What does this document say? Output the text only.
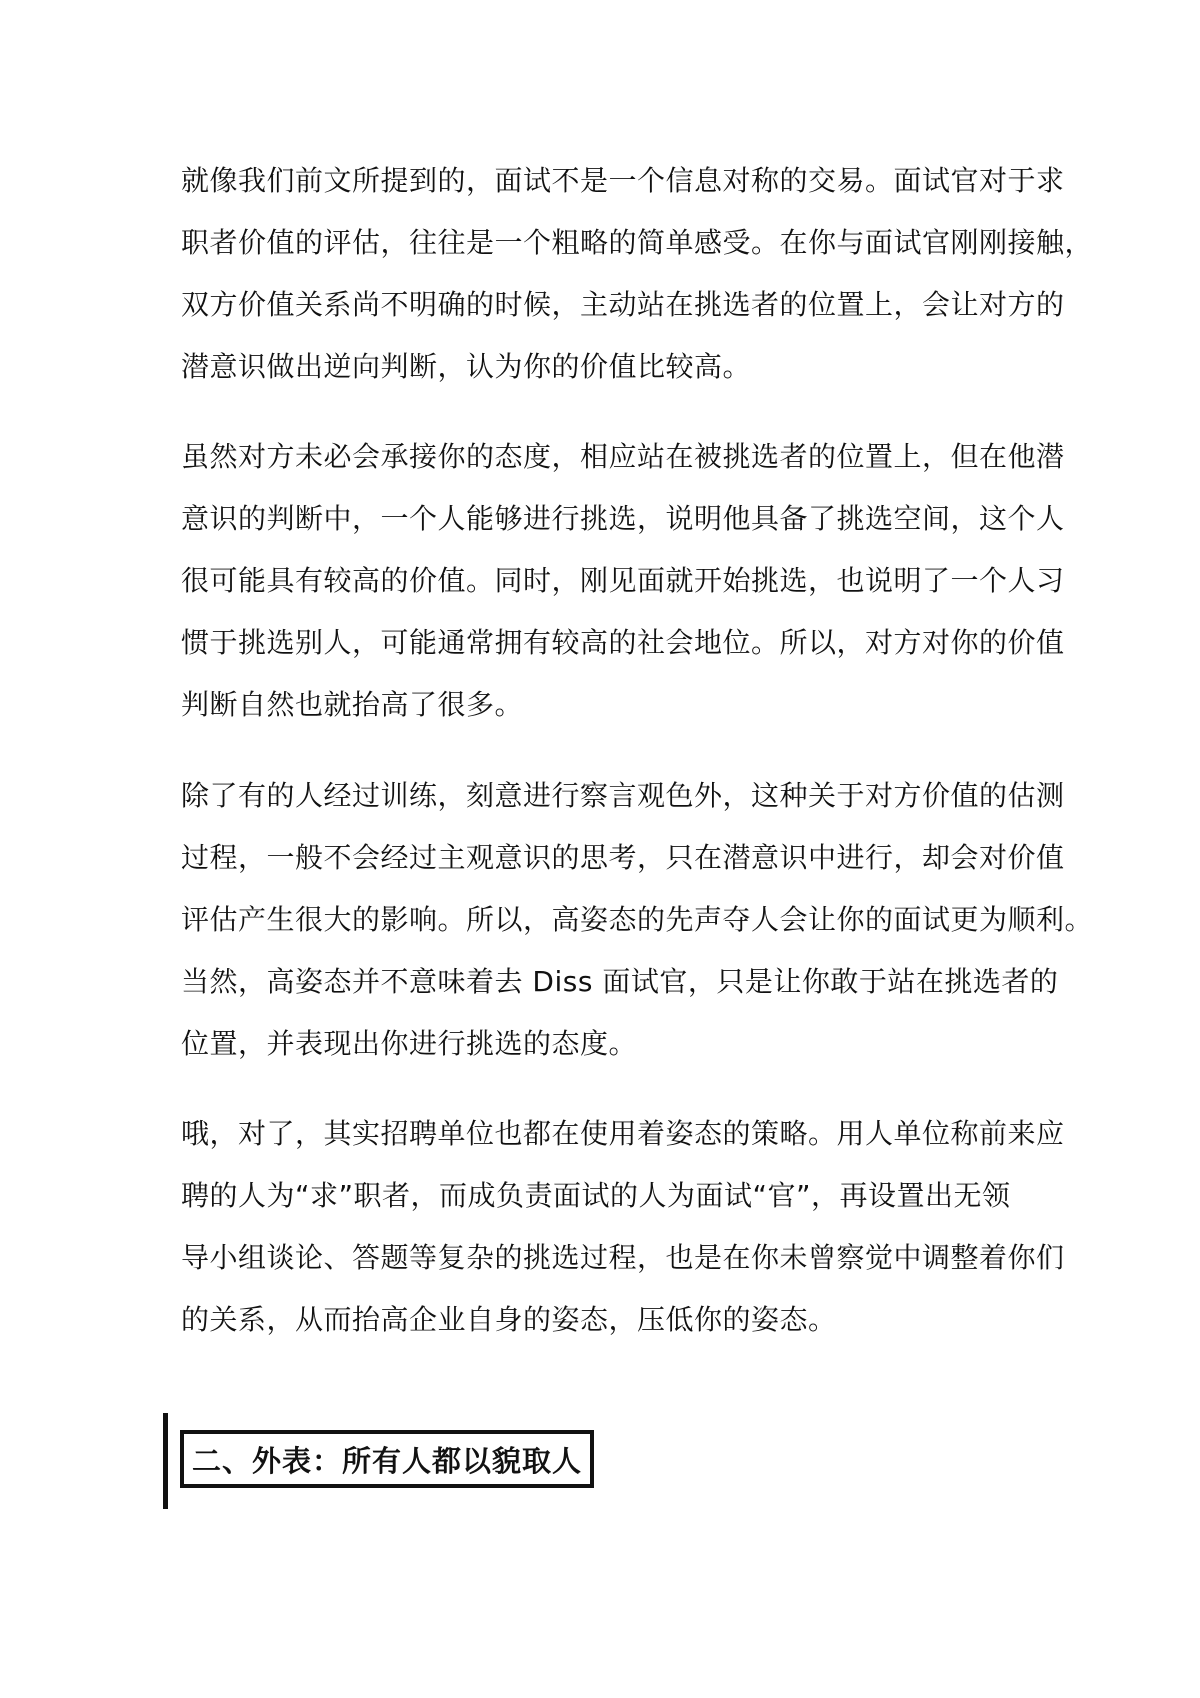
就像我们前文所提到的，面试不是一个信息对称的交易。面试官对于求
职者价值的评估，往往是一个粗略的简单感受。在你与面试官刚刚接触，
双方价值关系尚不明确的时候，主动站在挑选者的位置上，会让对方的
潜意识做出逆向判断，认为你的价值比较高。
虽然对方未必会承接你的态度，相应站在被挑选者的位置上，但在他潜
意识的判断中，一个人能够进行挑选，说明他具备了挑选空间，这个人
很可能具有较高的价值。同时，刚见面就开始挑选，也说明了一个人习
惯于挑选别人，可能通常拥有较高的社会地位。所以，对方对你的价值
判断自然也就抬高了很多。
除了有的人经过训练，刻意进行察言观色外，这种关于对方价值的估测
过程，一般不会经过主观意识的思考，只在潜意识中进行，却会对价值
评估产生很大的影响。所以，高姿态的先声夺人会让你的面试更为顺利。
当然，高姿态并不意味着去 Diss 面试官，只是让你敢于站在挑选者的
位置，并表现出你进行挑选的态度。
哦，对了，其实招聘单位也都在使用着姿态的策略。用人单位称前来应
聘的人为“求”职者，而成负责面试的人为面试“官”，再设置出无领
导小组谈论、答题等复杂的挑选过程，也是在你未曾察觉中调整着你们
的关系，从而抬高企业自身的姿态，压低你的姿态。
二、外表：所有人都以貌取人
